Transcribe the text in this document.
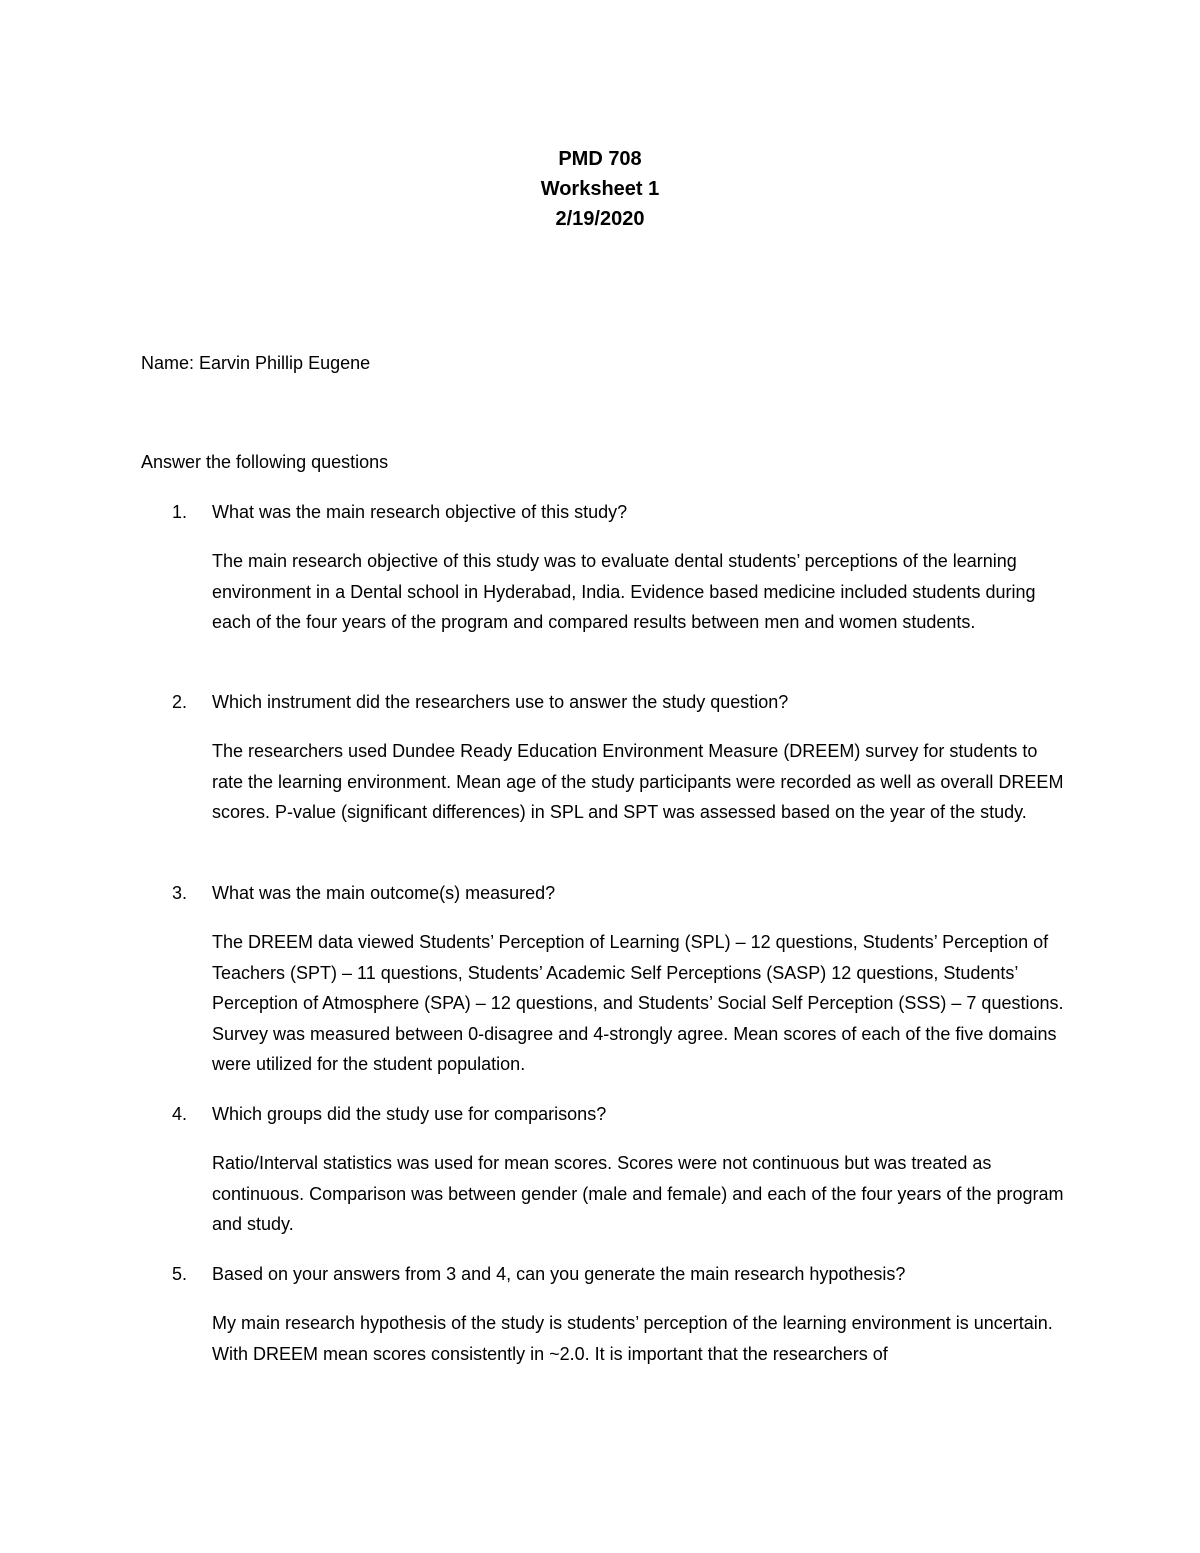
PMD 708
Worksheet 1
2/19/2020
Name: Earvin Phillip Eugene
Answer the following questions
1. What was the main research objective of this study?
The main research objective of this study was to evaluate dental students’ perceptions of the learning environment in a Dental school in Hyderabad, India. Evidence based medicine included students during each of the four years of the program and compared results between men and women students.
2. Which instrument did the researchers use to answer the study question?
The researchers used Dundee Ready Education Environment Measure (DREEM) survey for students to rate the learning environment. Mean age of the study participants were recorded as well as overall DREEM scores. P-value (significant differences) in SPL and SPT was assessed based on the year of the study.
3. What was the main outcome(s) measured?
The DREEM data viewed Students’ Perception of Learning (SPL) – 12 questions, Students’ Perception of Teachers (SPT) – 11 questions, Students’ Academic Self Perceptions (SASP) 12 questions, Students’ Perception of Atmosphere (SPA) – 12 questions, and Students’ Social Self Perception (SSS) – 7 questions. Survey was measured between 0-disagree and 4-strongly agree. Mean scores of each of the five domains were utilized for the student population.
4. Which groups did the study use for comparisons?
Ratio/Interval statistics was used for mean scores. Scores were not continuous but was treated as continuous. Comparison was between gender (male and female) and each of the four years of the program and study.
5. Based on your answers from 3 and 4, can you generate the main research hypothesis?
My main research hypothesis of the study is students’ perception of the learning environment is uncertain. With DREEM mean scores consistently in ~2.0. It is important that the researchers of
